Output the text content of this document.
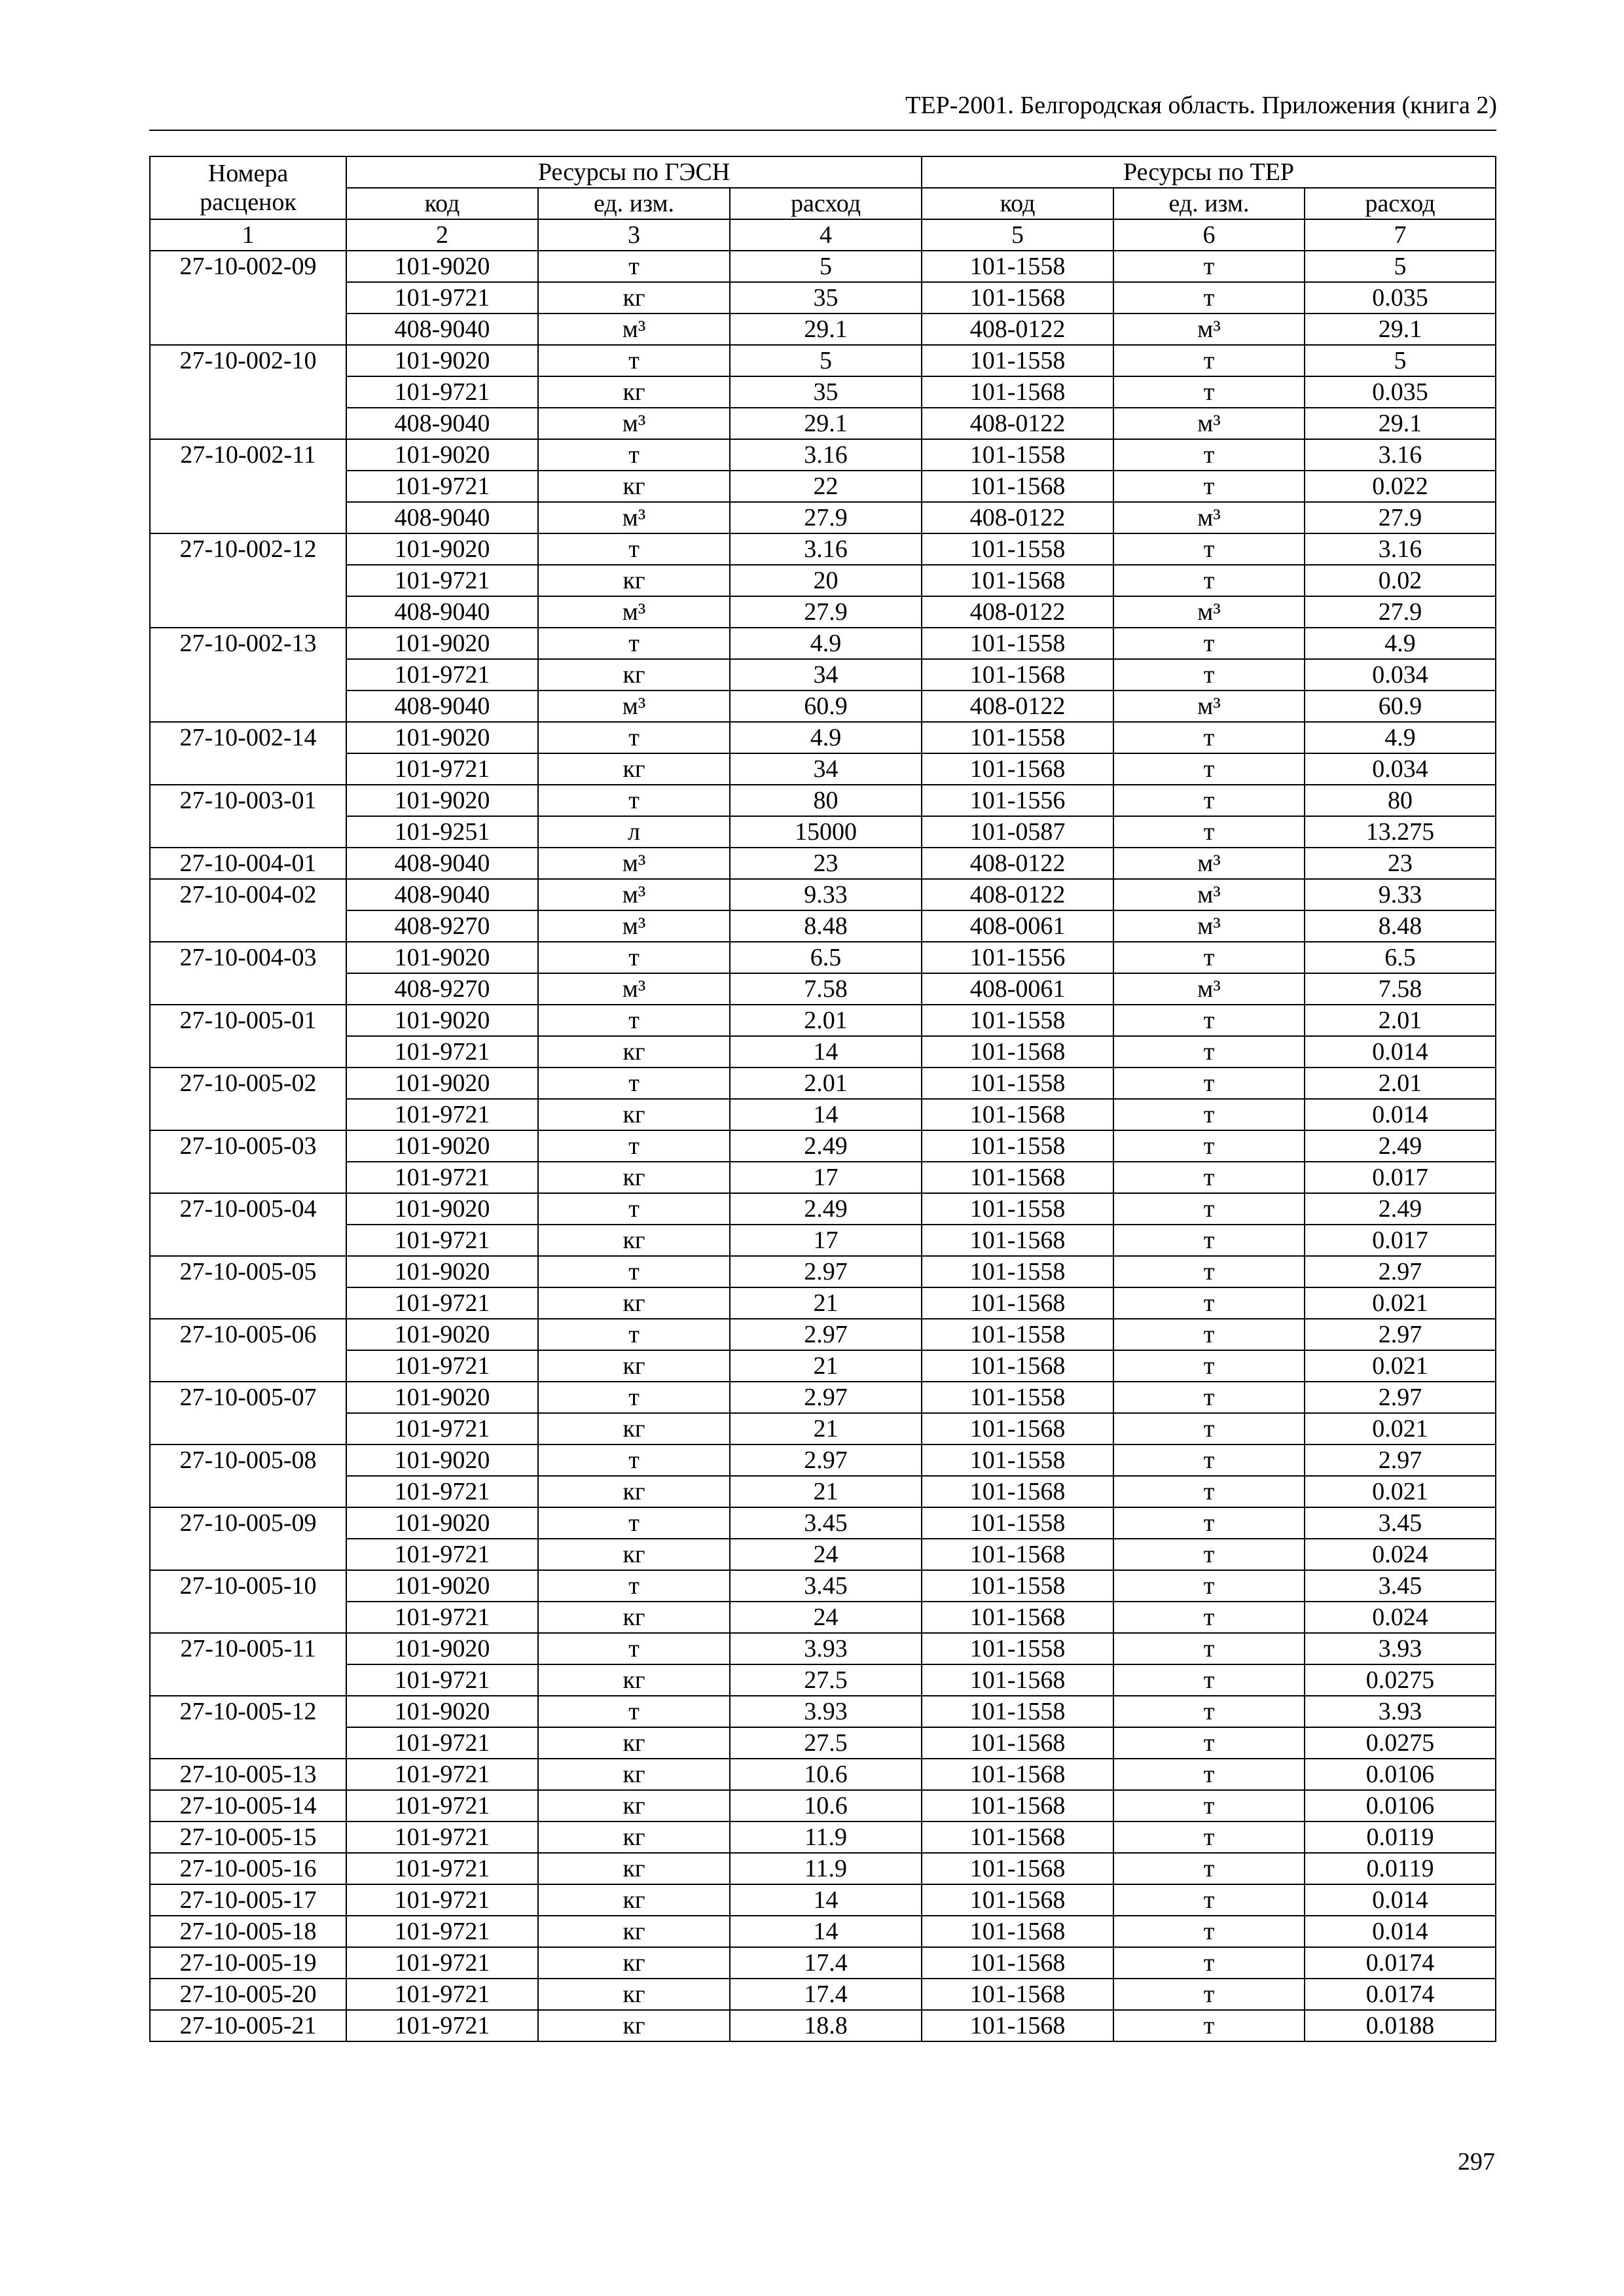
ТЕР-2001. Белгородская область. Приложения (книга 2)
Номера расценок	Ресурсы по ГЭСН			Ресурсы по ТЕР		
	код	ед. изм.	расход	код	ед. изм.	расход
1	2	3	4	5	6	7
27-10-002-09	101-9020	т	5	101-1558	т	5
	101-9721	кг	35	101-1568	т	0.035
	408-9040	м³	29.1	408-0122	м³	29.1
27-10-002-10	101-9020	т	5	101-1558	т	5
	101-9721	кг	35	101-1568	т	0.035
	408-9040	м³	29.1	408-0122	м³	29.1
27-10-002-11	101-9020	т	3.16	101-1558	т	3.16
	101-9721	кг	22	101-1568	т	0.022
	408-9040	м³	27.9	408-0122	м³	27.9
27-10-002-12	101-9020	т	3.16	101-1558	т	3.16
	101-9721	кг	20	101-1568	т	0.02
	408-9040	м³	27.9	408-0122	м³	27.9
27-10-002-13	101-9020	т	4.9	101-1558	т	4.9
	101-9721	кг	34	101-1568	т	0.034
	408-9040	м³	60.9	408-0122	м³	60.9
27-10-002-14	101-9020	т	4.9	101-1558	т	4.9
	101-9721	кг	34	101-1568	т	0.034
27-10-003-01	101-9020	т	80	101-1556	т	80
	101-9251	л	15000	101-0587	т	13.275
27-10-004-01	408-9040	м³	23	408-0122	м³	23
27-10-004-02	408-9040	м³	9.33	408-0122	м³	9.33
	408-9270	м³	8.48	408-0061	м³	8.48
27-10-004-03	101-9020	т	6.5	101-1556	т	6.5
	408-9270	м³	7.58	408-0061	м³	7.58
27-10-005-01	101-9020	т	2.01	101-1558	т	2.01
	101-9721	кг	14	101-1568	т	0.014
27-10-005-02	101-9020	т	2.01	101-1558	т	2.01
	101-9721	кг	14	101-1568	т	0.014
27-10-005-03	101-9020	т	2.49	101-1558	т	2.49
	101-9721	кг	17	101-1568	т	0.017
27-10-005-04	101-9020	т	2.49	101-1558	т	2.49
	101-9721	кг	17	101-1568	т	0.017
27-10-005-05	101-9020	т	2.97	101-1558	т	2.97
	101-9721	кг	21	101-1568	т	0.021
27-10-005-06	101-9020	т	2.97	101-1558	т	2.97
	101-9721	кг	21	101-1568	т	0.021
27-10-005-07	101-9020	т	2.97	101-1558	т	2.97
	101-9721	кг	21	101-1568	т	0.021
27-10-005-08	101-9020	т	2.97	101-1558	т	2.97
	101-9721	кг	21	101-1568	т	0.021
27-10-005-09	101-9020	т	3.45	101-1558	т	3.45
	101-9721	кг	24	101-1568	т	0.024
27-10-005-10	101-9020	т	3.45	101-1558	т	3.45
	101-9721	кг	24	101-1568	т	0.024
27-10-005-11	101-9020	т	3.93	101-1558	т	3.93
	101-9721	кг	27.5	101-1568	т	0.0275
27-10-005-12	101-9020	т	3.93	101-1558	т	3.93
	101-9721	кг	27.5	101-1568	т	0.0275
27-10-005-13	101-9721	кг	10.6	101-1568	т	0.0106
27-10-005-14	101-9721	кг	10.6	101-1568	т	0.0106
27-10-005-15	101-9721	кг	11.9	101-1568	т	0.0119
27-10-005-16	101-9721	кг	11.9	101-1568	т	0.0119
27-10-005-17	101-9721	кг	14	101-1568	т	0.014
27-10-005-18	101-9721	кг	14	101-1568	т	0.014
27-10-005-19	101-9721	кг	17.4	101-1568	т	0.0174
27-10-005-20	101-9721	кг	17.4	101-1568	т	0.0174
27-10-005-21	101-9721	кг	18.8	101-1568	т	0.0188
297
